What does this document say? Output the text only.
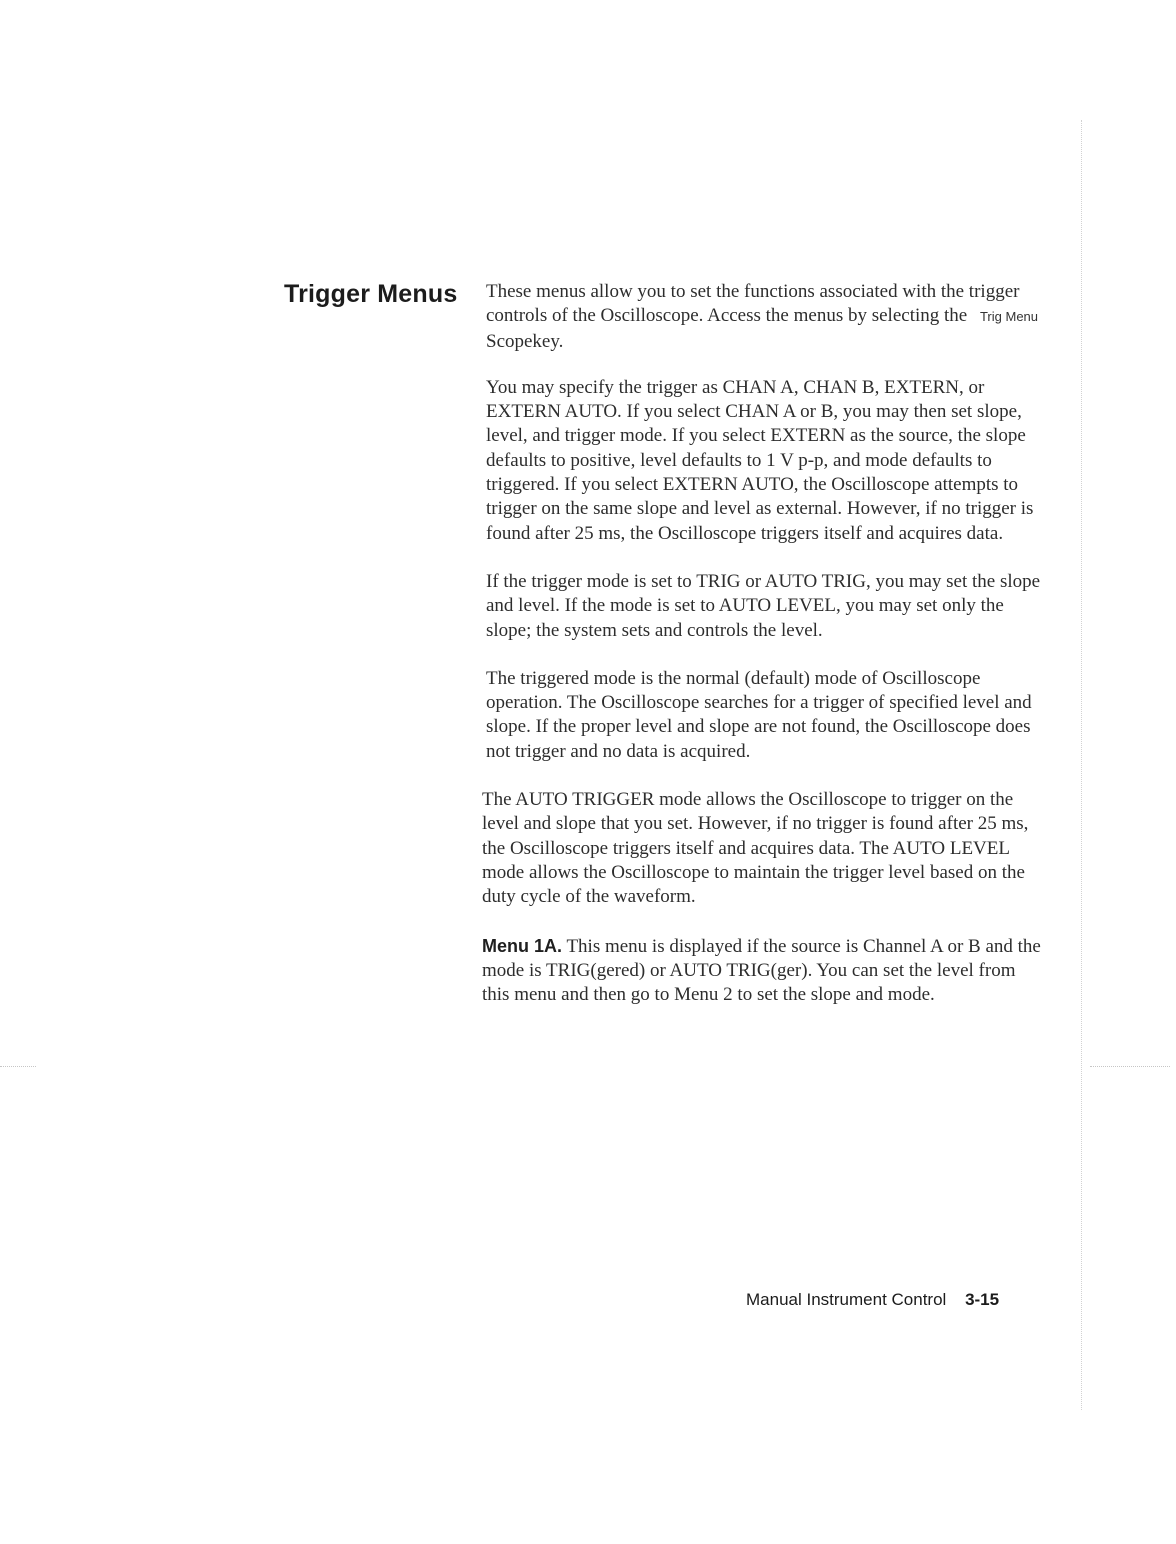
Trigger Menus These menus allow you to set the functions associated with the trigger controls of the Oscilloscope. Access the menus by selecting the Trig Menu Scopekey.

You may specify the trigger as CHAN A, CHAN B, EXTERN, or EXTERN AUTO. If you select CHAN A or B, you may then set slope, level, and trigger mode. If you select EXTERN as the source, the slope defaults to positive, level defaults to 1 V p-p, and mode defaults to triggered. If you select EXTERN AUTO, the Oscilloscope attempts to trigger on the same slope and level as external. However, if no trigger is found after 25 ms, the Oscilloscope triggers itself and acquires data.

If the trigger mode is set to TRIG or AUTO TRIG, you may set the slope and level. If the mode is set to AUTO LEVEL, you may set only the slope; the system sets and controls the level.

The triggered mode is the normal (default) mode of Oscilloscope operation. The Oscilloscope searches for a trigger of specified level and slope. If the proper level and slope are not found, the Oscilloscope does not trigger and no data is acquired.

The AUTO TRIGGER mode allows the Oscilloscope to trigger on the level and slope that you set. However, if no trigger is found after 25 ms, the Oscilloscope triggers itself and acquires data. The AUTO LEVEL mode allows the Oscilloscope to maintain the trigger level based on the duty cycle of the waveform.

Menu 1A. This menu is displayed if the source is Channel A or B and the mode is TRIG(gered) or AUTO TRIG(ger). You can set the level from this menu and then go to Menu 2 to set the slope and mode.

Manual Instrument Control 3-15
